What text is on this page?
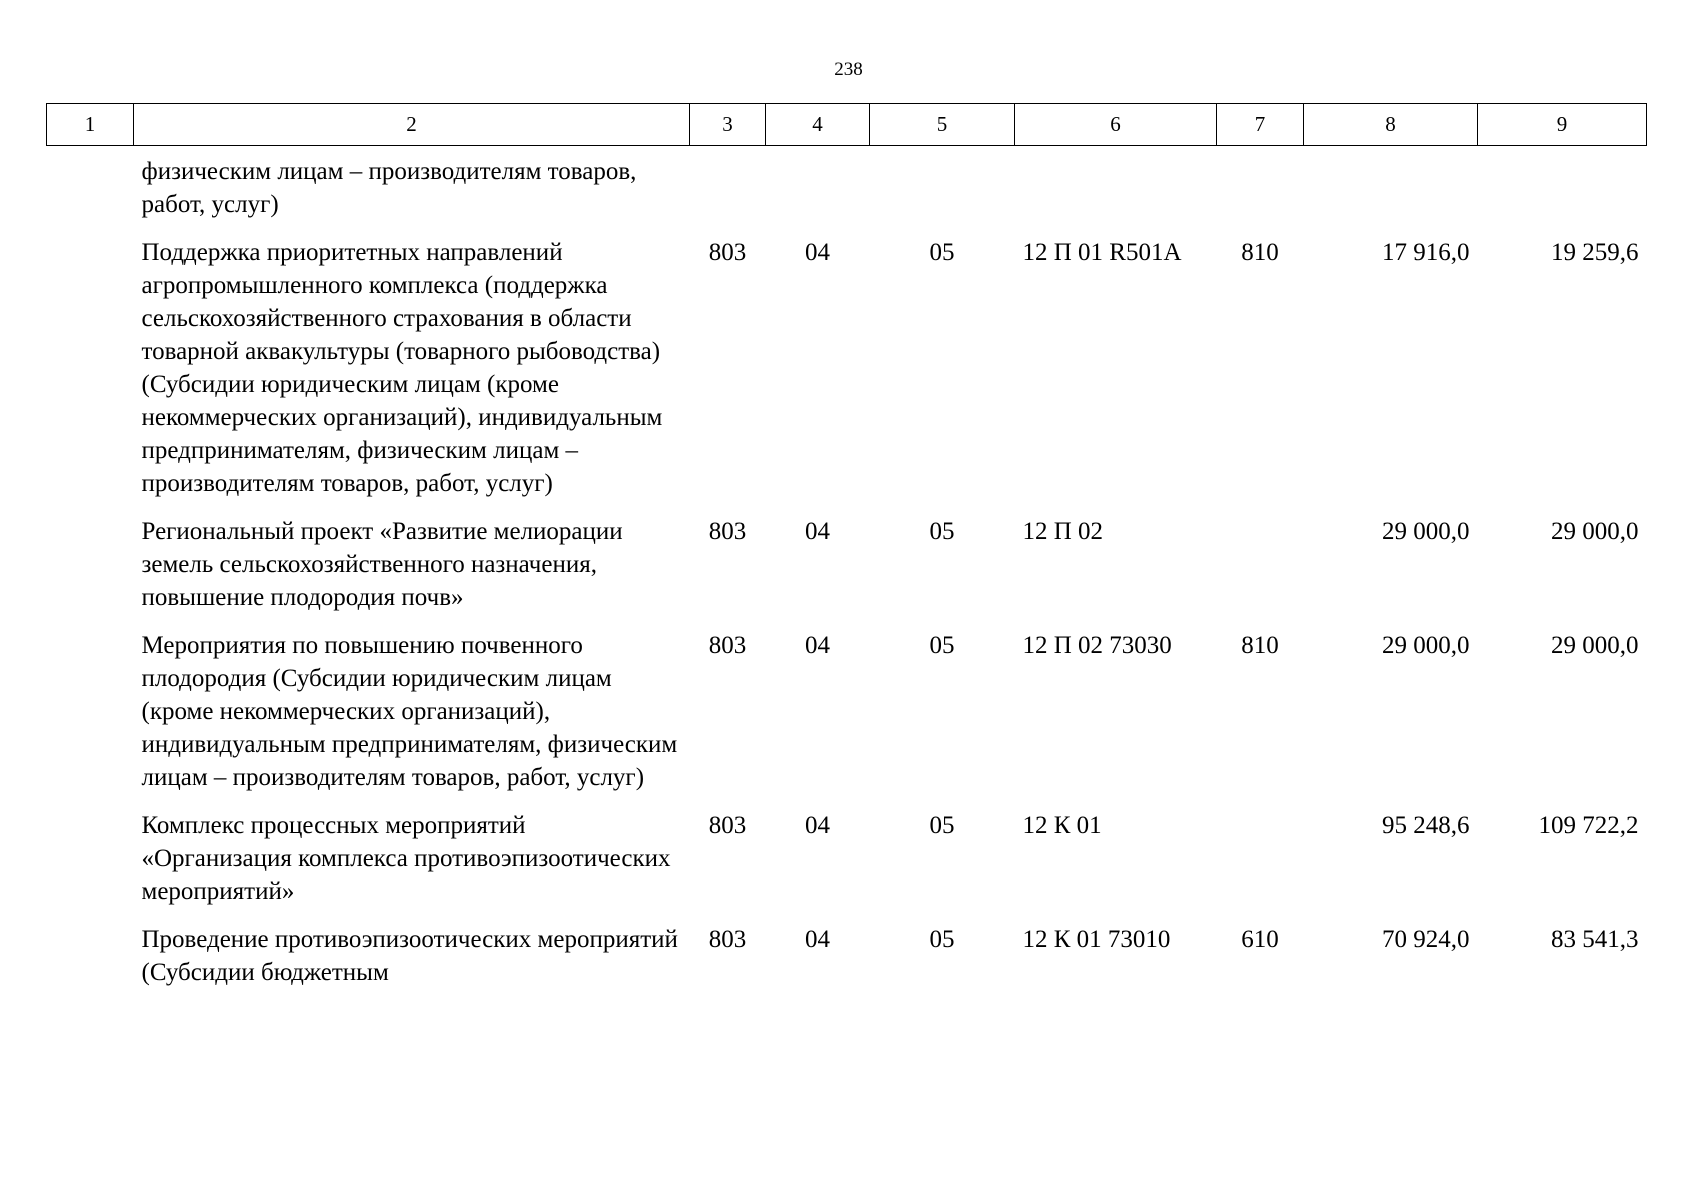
238
1	2	3	4	5	6	7	8	9
	физическим лицам – производителям товаров, работ, услуг)							
	Поддержка приоритетных направлений агропромышленного комплекса (поддержка сельскохозяйственного страхования в области товарной аквакультуры (товарного рыбоводства) (Субсидии юридическим лицам (кроме некоммерческих организаций), индивидуальным предпринимателям, физическим лицам – производителям товаров, работ, услуг)	803	04	05	12 П 01 R501A	810	17 916,0	19 259,6
	Региональный проект «Развитие мелиорации земель сельскохозяйственного назначения, повышение плодородия почв»	803	04	05	12 П 02		29 000,0	29 000,0
	Мероприятия по повышению почвенного плодородия (Субсидии юридическим лицам (кроме некоммерческих организаций), индивидуальным предпринимателям, физическим лицам – производителям товаров, работ, услуг)	803	04	05	12 П 02 73030	810	29 000,0	29 000,0
	Комплекс процессных мероприятий «Организация комплекса противоэпизоотических мероприятий»	803	04	05	12 К 01		95 248,6	109 722,2
	Проведение противоэпизоотических мероприятий (Субсидии бюджетным	803	04	05	12 К 01 73010	610	70 924,0	83 541,3
